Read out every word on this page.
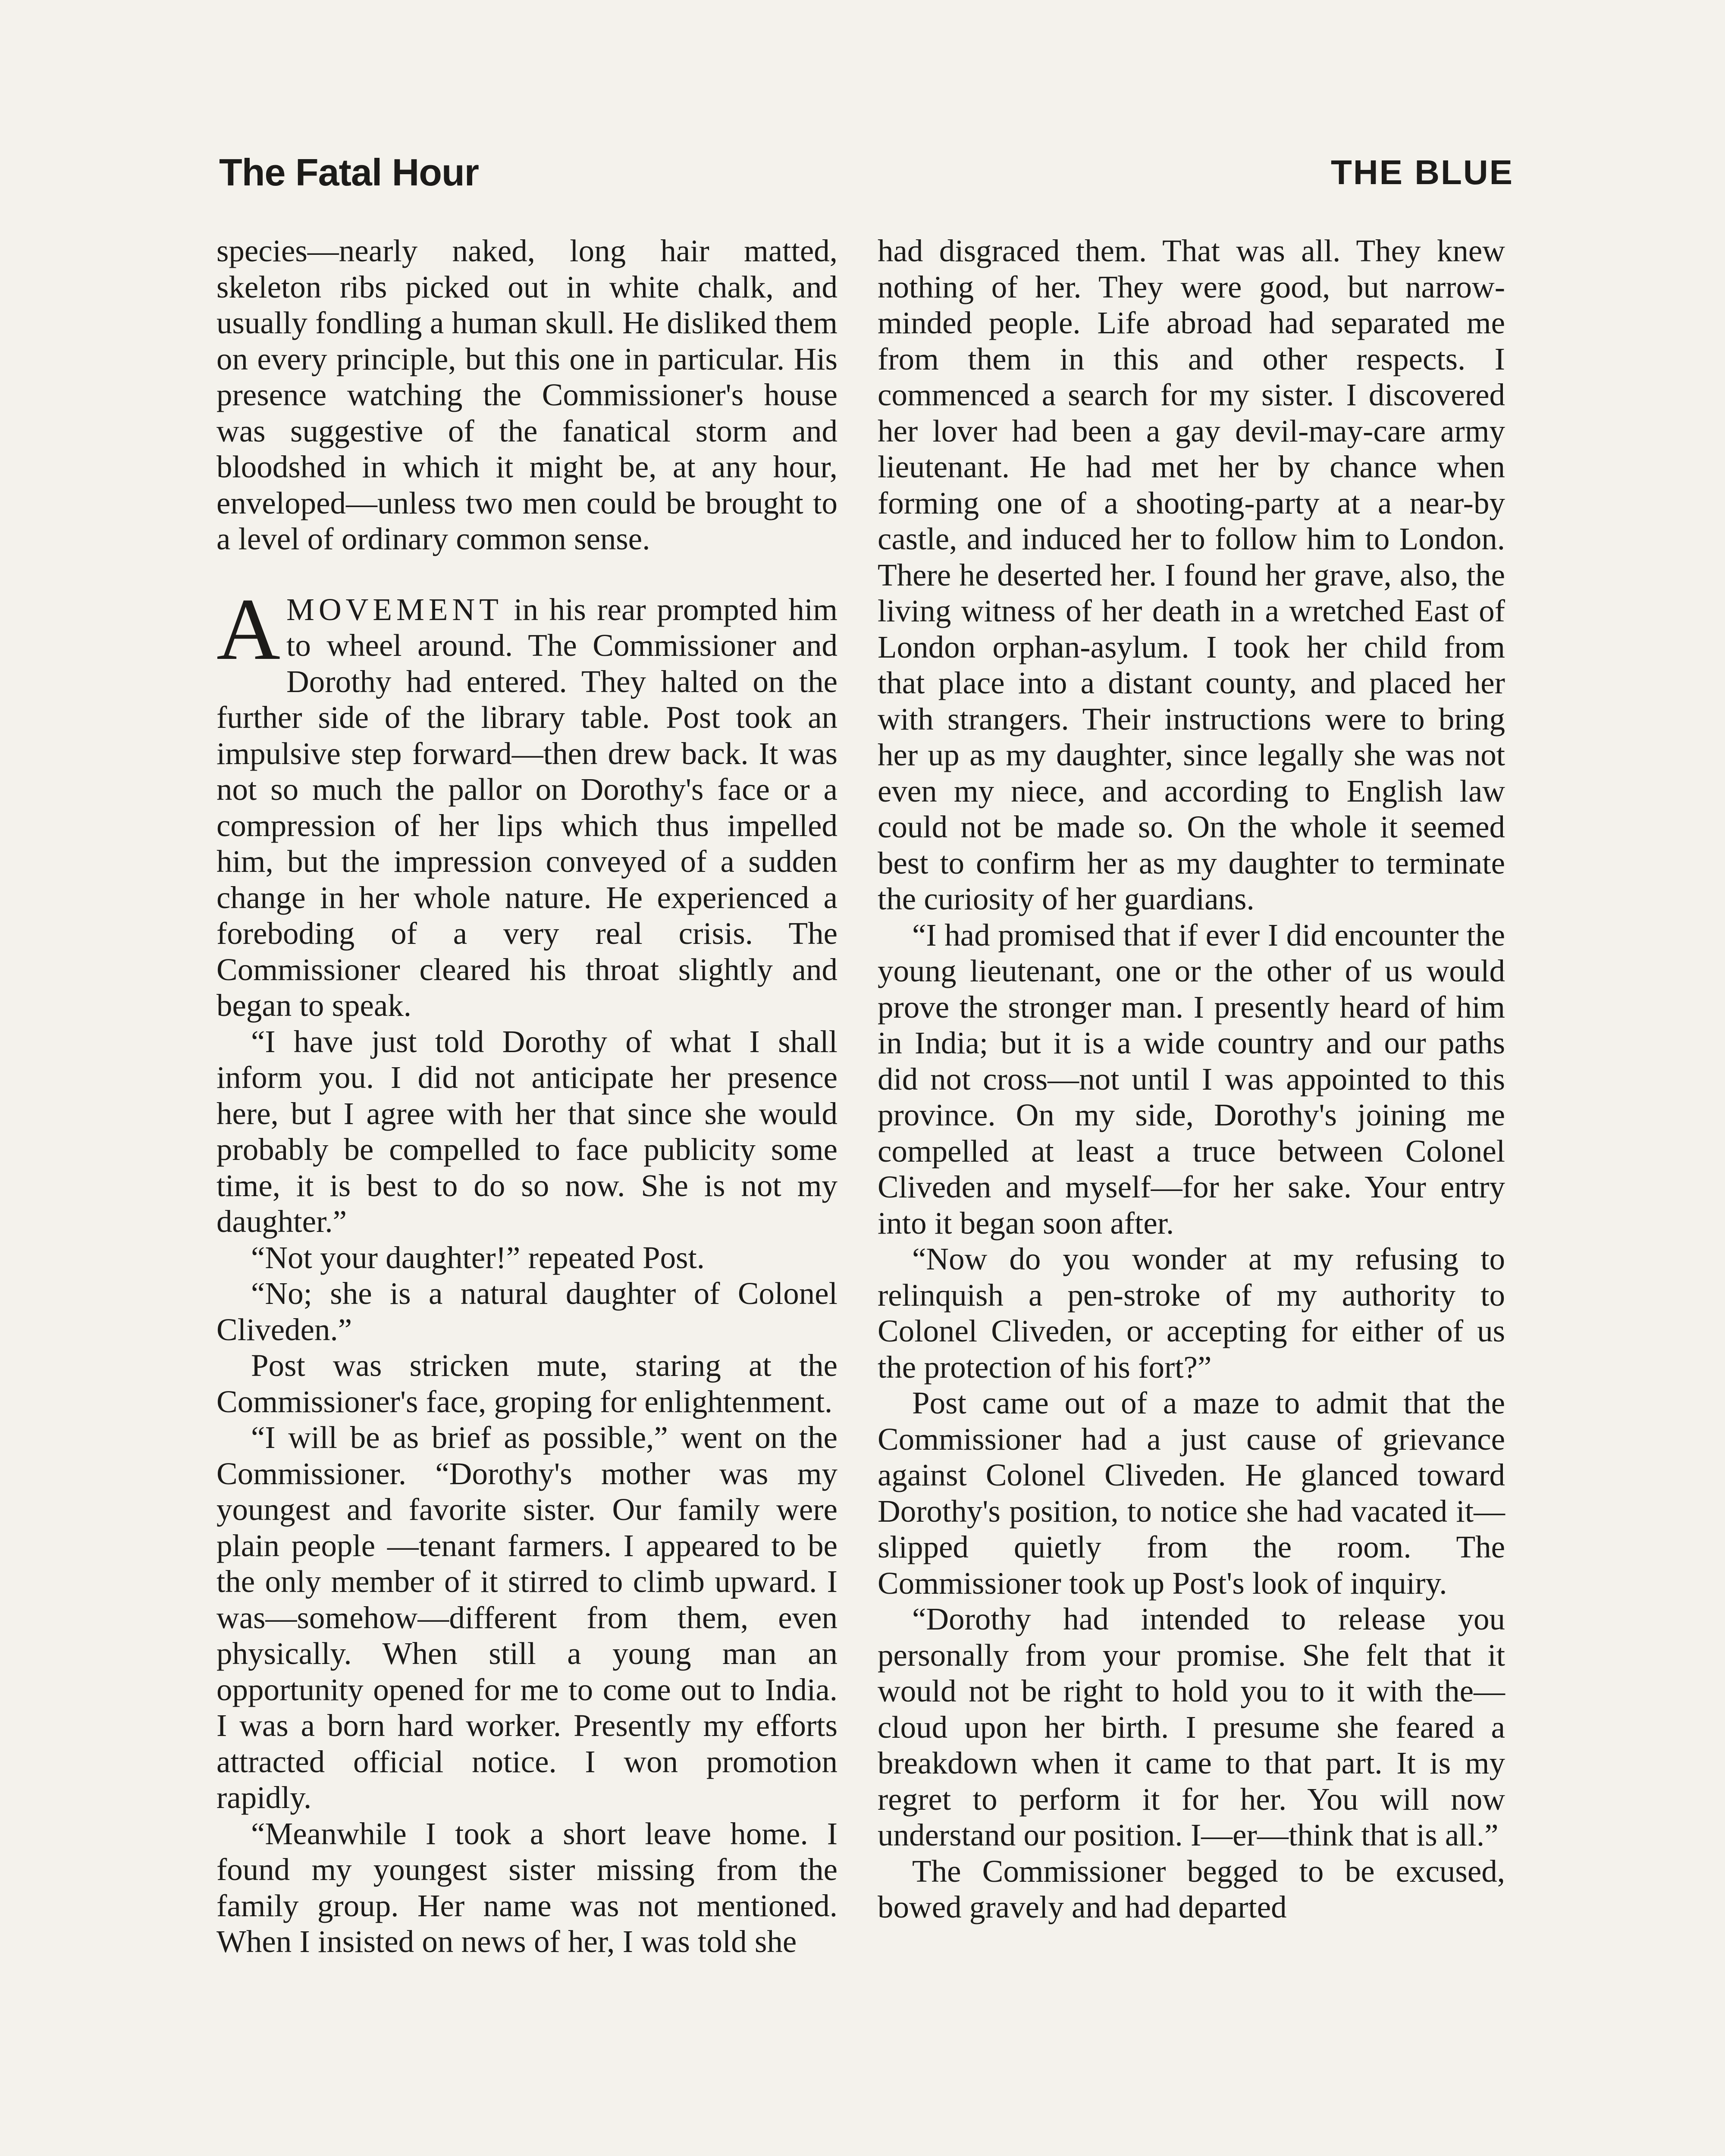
The Fatal Hour	THE BLUE

species—nearly naked, long hair matted, skeleton ribs picked out in white chalk, and usually fondling a human skull. He disliked them on every principle, but this one in particular. His presence watching the Commissioner's house was suggestive of the fanatical storm and bloodshed in which it might be, at any hour, enveloped—unless two men could be brought to a level of ordinary common sense.

AMOVEMENT in his rear prompted him to wheel around. The Commissioner and Dorothy had entered. They halted on the further side of the library table. Post took an impulsive step forward—then drew back. It was not so much the pallor on Dorothy's face or a compression of her lips which thus impelled him, but the impression conveyed of a sudden change in her whole nature. He experienced a foreboding of a very real crisis. The Commissioner cleared his throat slightly and began to speak.

“I have just told Dorothy of what I shall inform you. I did not anticipate her presence here, but I agree with her that since she would probably be compelled to face publicity some time, it is best to do so now. She is not my daughter.”

“Not your daughter!” repeated Post.

“No; she is a natural daughter of Colonel Cliveden.”

Post was stricken mute, staring at the Commissioner's face, groping for enlightenment.

“I will be as brief as possible,” went on the Commissioner. “Dorothy's mother was my youngest and favorite sister. Our family were plain people —tenant farmers. I appeared to be the only member of it stirred to climb upward. I was—somehow—different from them, even physically. When still a young man an opportunity opened for me to come out to India. I was a born hard worker. Presently my efforts attracted official notice. I won promotion rapidly.

“Meanwhile I took a short leave home. I found my youngest sister missing from the family group. Her name was not mentioned. When I insisted on news of her, I was told she

had disgraced them. That was all. They knew nothing of her. They were good, but narrow-minded people. Life abroad had separated me from them in this and other respects. I commenced a search for my sister. I discovered her lover had been a gay devil-may-care army lieutenant. He had met her by chance when forming one of a shooting-party at a near-by castle, and induced her to follow him to London. There he deserted her. I found her grave, also, the living witness of her death in a wretched East of London orphan-asylum. I took her child from that place into a distant county, and placed her with strangers. Their instructions were to bring her up as my daughter, since legally she was not even my niece, and according to English law could not be made so. On the whole it seemed best to confirm her as my daughter to terminate the curiosity of her guardians.

“I had promised that if ever I did encounter the young lieutenant, one or the other of us would prove the stronger man. I presently heard of him in India; but it is a wide country and our paths did not cross—not until I was appointed to this province. On my side, Dorothy's joining me compelled at least a truce between Colonel Cliveden and myself—for her sake. Your entry into it began soon after.

“Now do you wonder at my refusing to relinquish a pen-stroke of my authority to Colonel Cliveden, or accepting for either of us the protection of his fort?”

Post came out of a maze to admit that the Commissioner had a just cause of grievance against Colonel Cliveden. He glanced toward Dorothy's position, to notice she had vacated it—slipped quietly from the room. The Commissioner took up Post's look of inquiry.

“Dorothy had intended to release you personally from your promise. She felt that it would not be right to hold you to it with the—cloud upon her birth. I presume she feared a breakdown when it came to that part. It is my regret to perform it for her. You will now understand our position. I—er—think that is all.”

The Commissioner begged to be excused, bowed gravely and had departed
